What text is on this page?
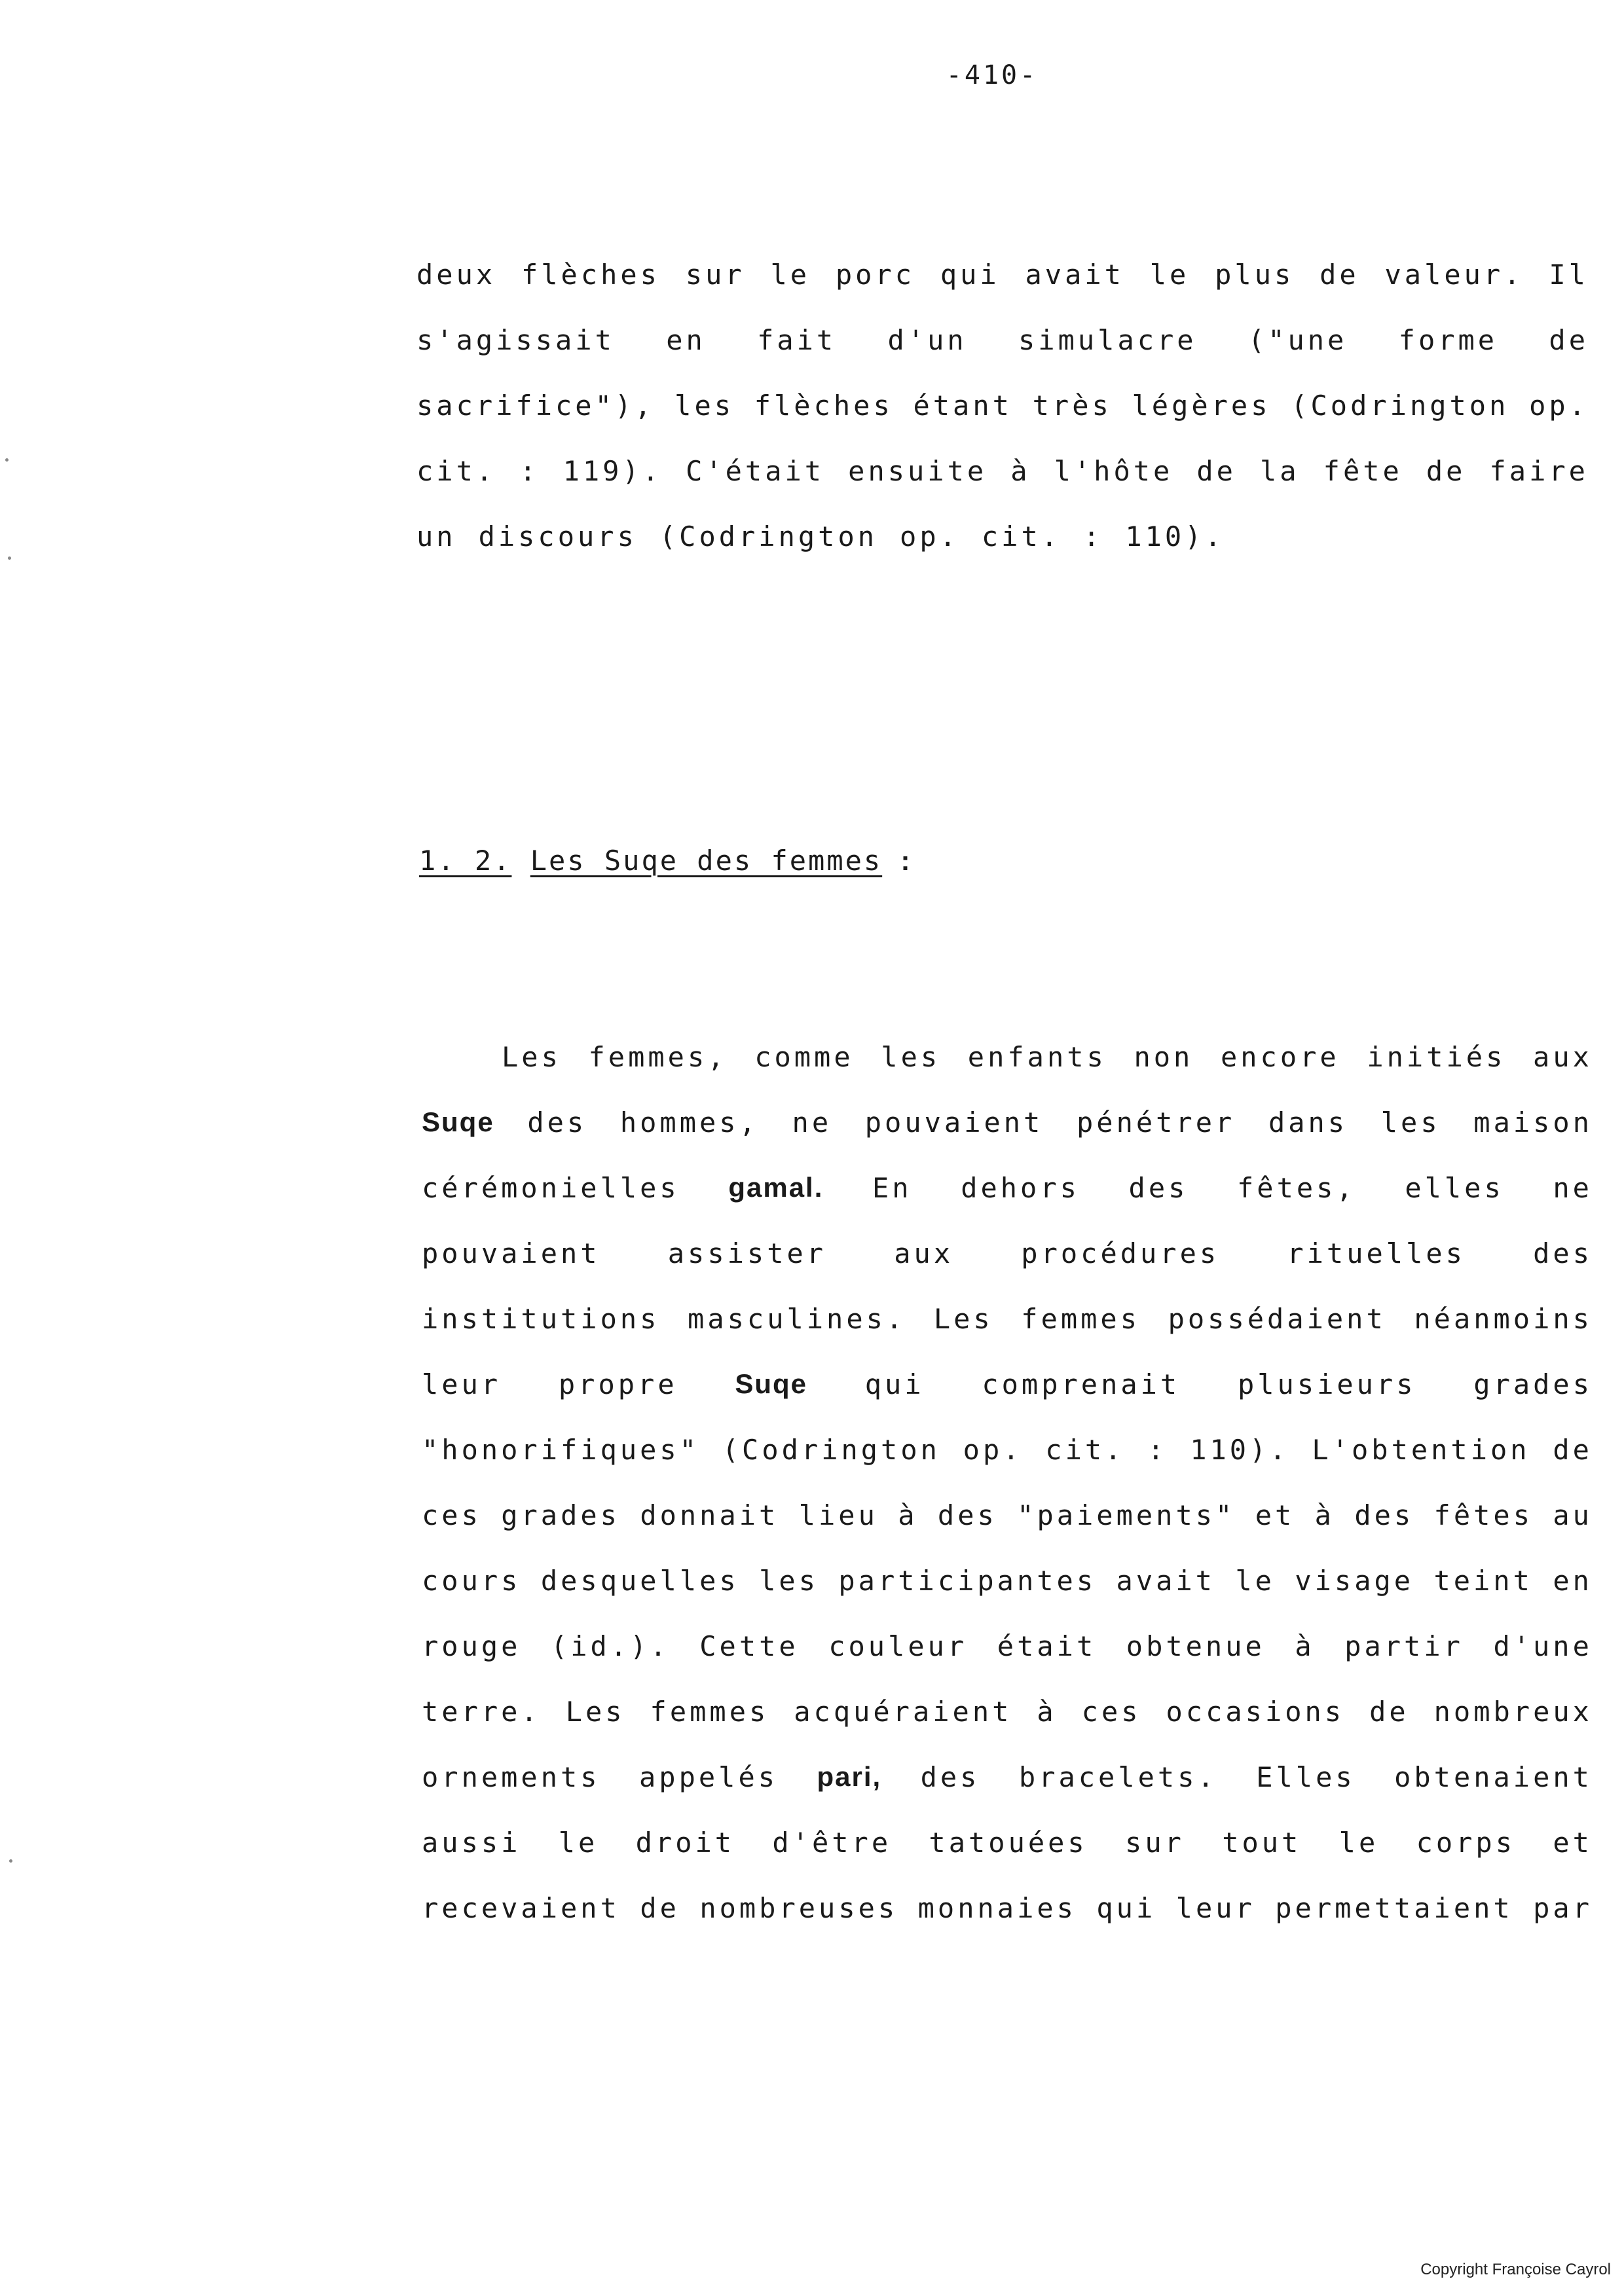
-410-
deux flèches sur le porc qui avait le plus de valeur. Il
s'agissait en fait d'un simulacre ("une forme de
sacrifice"), les flèches étant très légères (Codrington op.
cit. : 119). C'était ensuite à l'hôte de la fête de faire
un discours (Codrington op. cit. : 110).
1. 2. Les Suqe des femmes :
Les femmes, comme les enfants non encore initiés aux
Suqe des hommes, ne pouvaient pénétrer dans les maison
cérémonielles gamal. En dehors des fêtes, elles ne
pouvaient assister aux procédures rituelles des
institutions masculines. Les femmes possédaient néanmoins
leur propre Suqe qui comprenait plusieurs grades
"honorifiques" (Codrington op. cit. : 110). L'obtention de
ces grades donnait lieu à des "paiements" et à des fêtes au
cours desquelles les participantes avait le visage teint en
rouge (id.). Cette couleur était obtenue à partir d'une
terre. Les femmes acquéraient à ces occasions de nombreux
ornements appelés pari, des bracelets. Elles obtenaient
aussi le droit d'être tatouées sur tout le corps et
recevaient de nombreuses monnaies qui leur permettaient par
Copyright Françoise Cayrol
